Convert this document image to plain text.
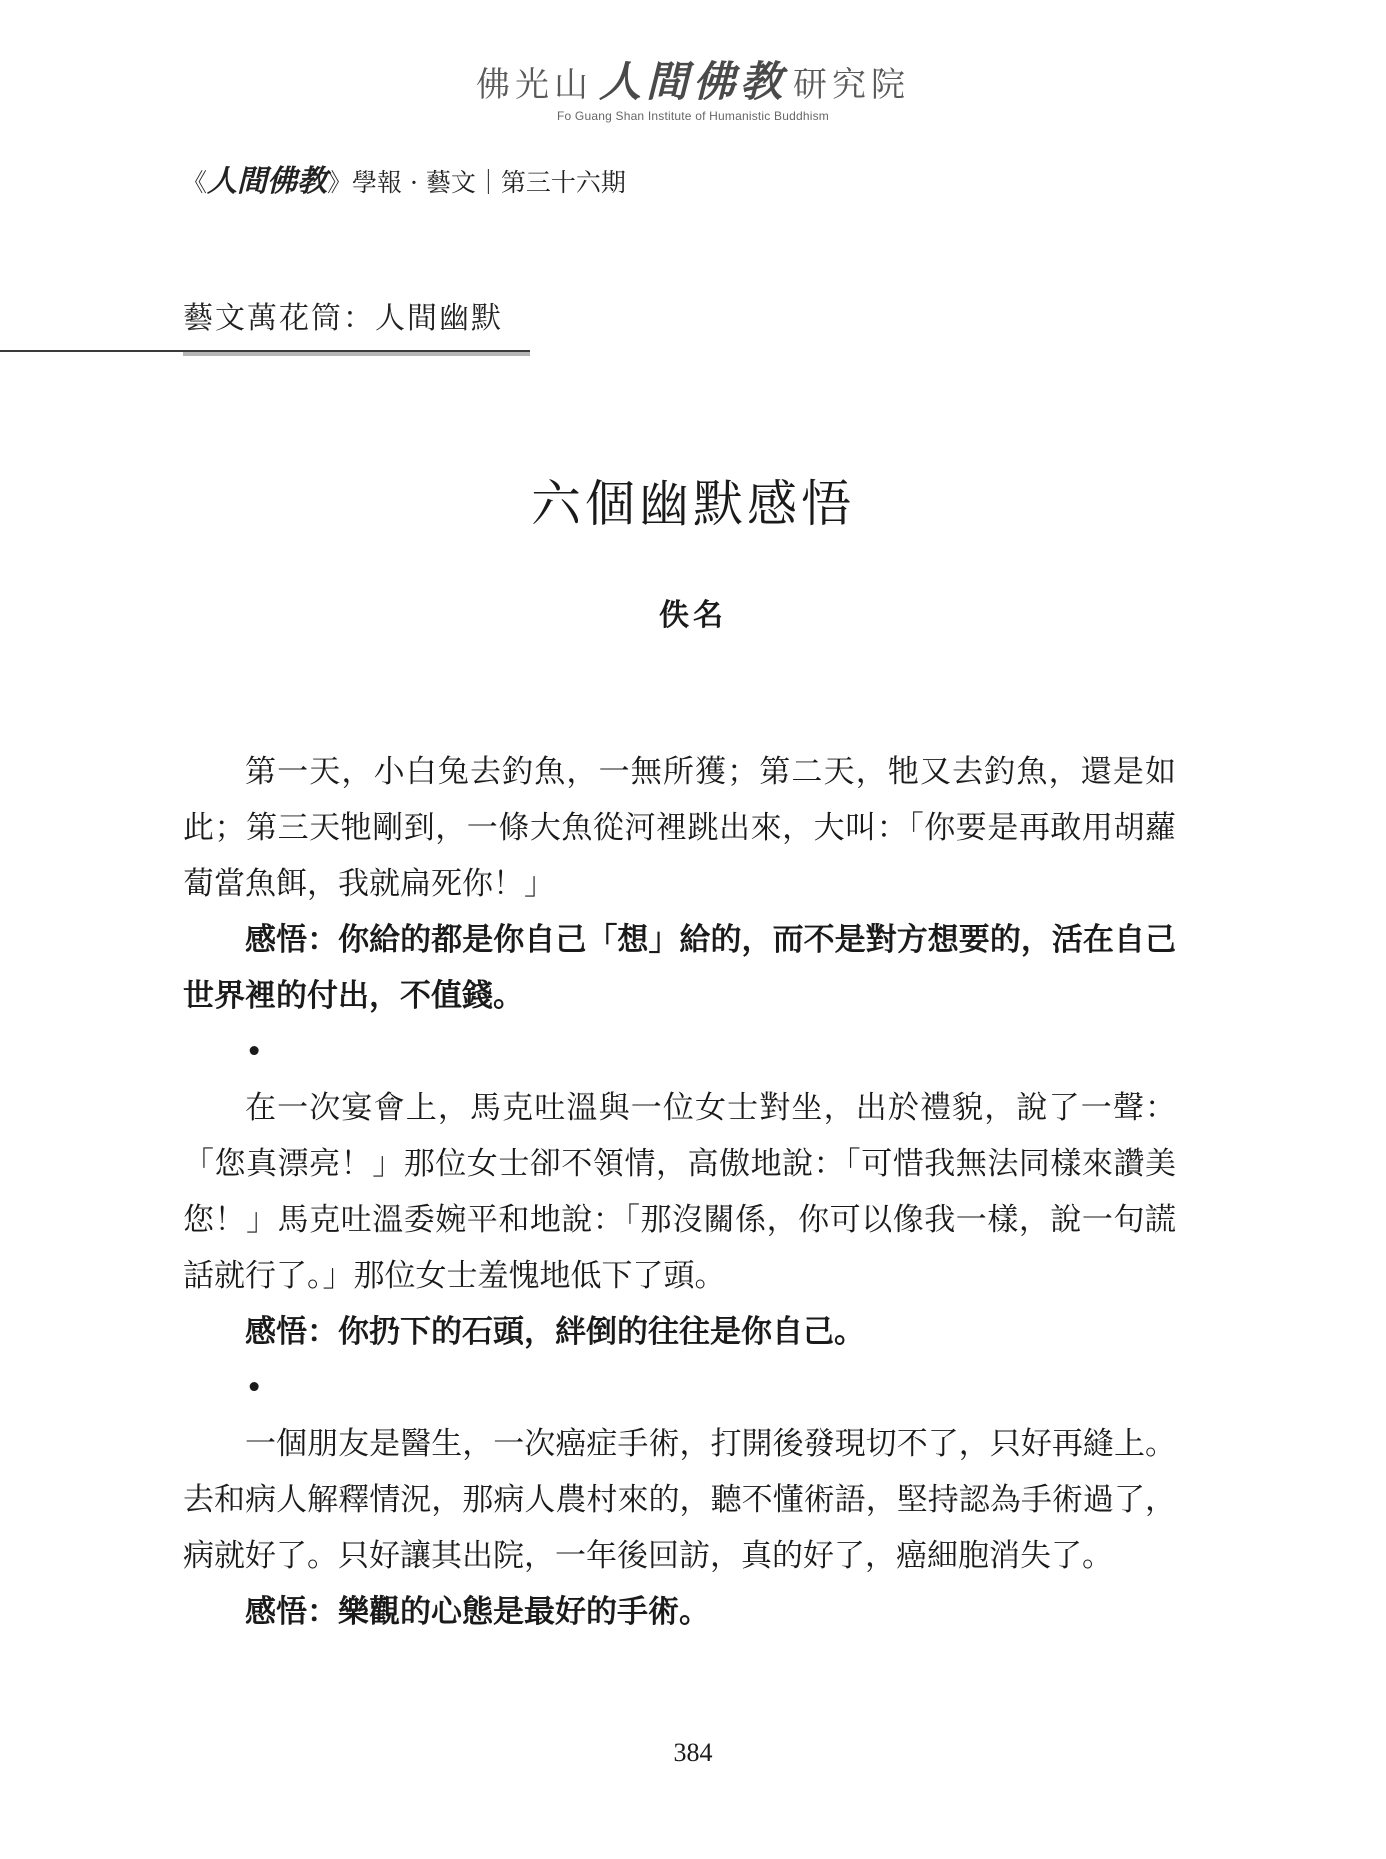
佛光山 人間佛教 研究院
Fo Guang Shan Institute of Humanistic Buddhism
《人間佛教》學報 · 藝文｜第三十六期
藝文萬花筒：人間幽默
六個幽默感悟
佚名

第一天，小白兔去釣魚，一無所獲；第二天，牠又去釣魚，還是如此；第三天牠剛到，一條大魚從河裡跳出來，大叫：「你要是再敢用胡蘿蔔當魚餌，我就扁死你！」

感悟：你給的都是你自己「想」給的，而不是對方想要的，活在自己世界裡的付出，不值錢。

•

在一次宴會上，馬克吐溫與一位女士對坐，出於禮貌，說了一聲：「您真漂亮！」那位女士卻不領情，高傲地說：「可惜我無法同樣來讚美您！」馬克吐溫委婉平和地說：「那沒關係，你可以像我一樣，說一句謊話就行了。」那位女士羞愧地低下了頭。

感悟：你扔下的石頭，絆倒的往往是你自己。

•

一個朋友是醫生，一次癌症手術，打開後發現切不了，只好再縫上。去和病人解釋情況，那病人農村來的，聽不懂術語，堅持認為手術過了，病就好了。只好讓其出院，一年後回訪，真的好了，癌細胞消失了。

感悟：樂觀的心態是最好的手術。

384
